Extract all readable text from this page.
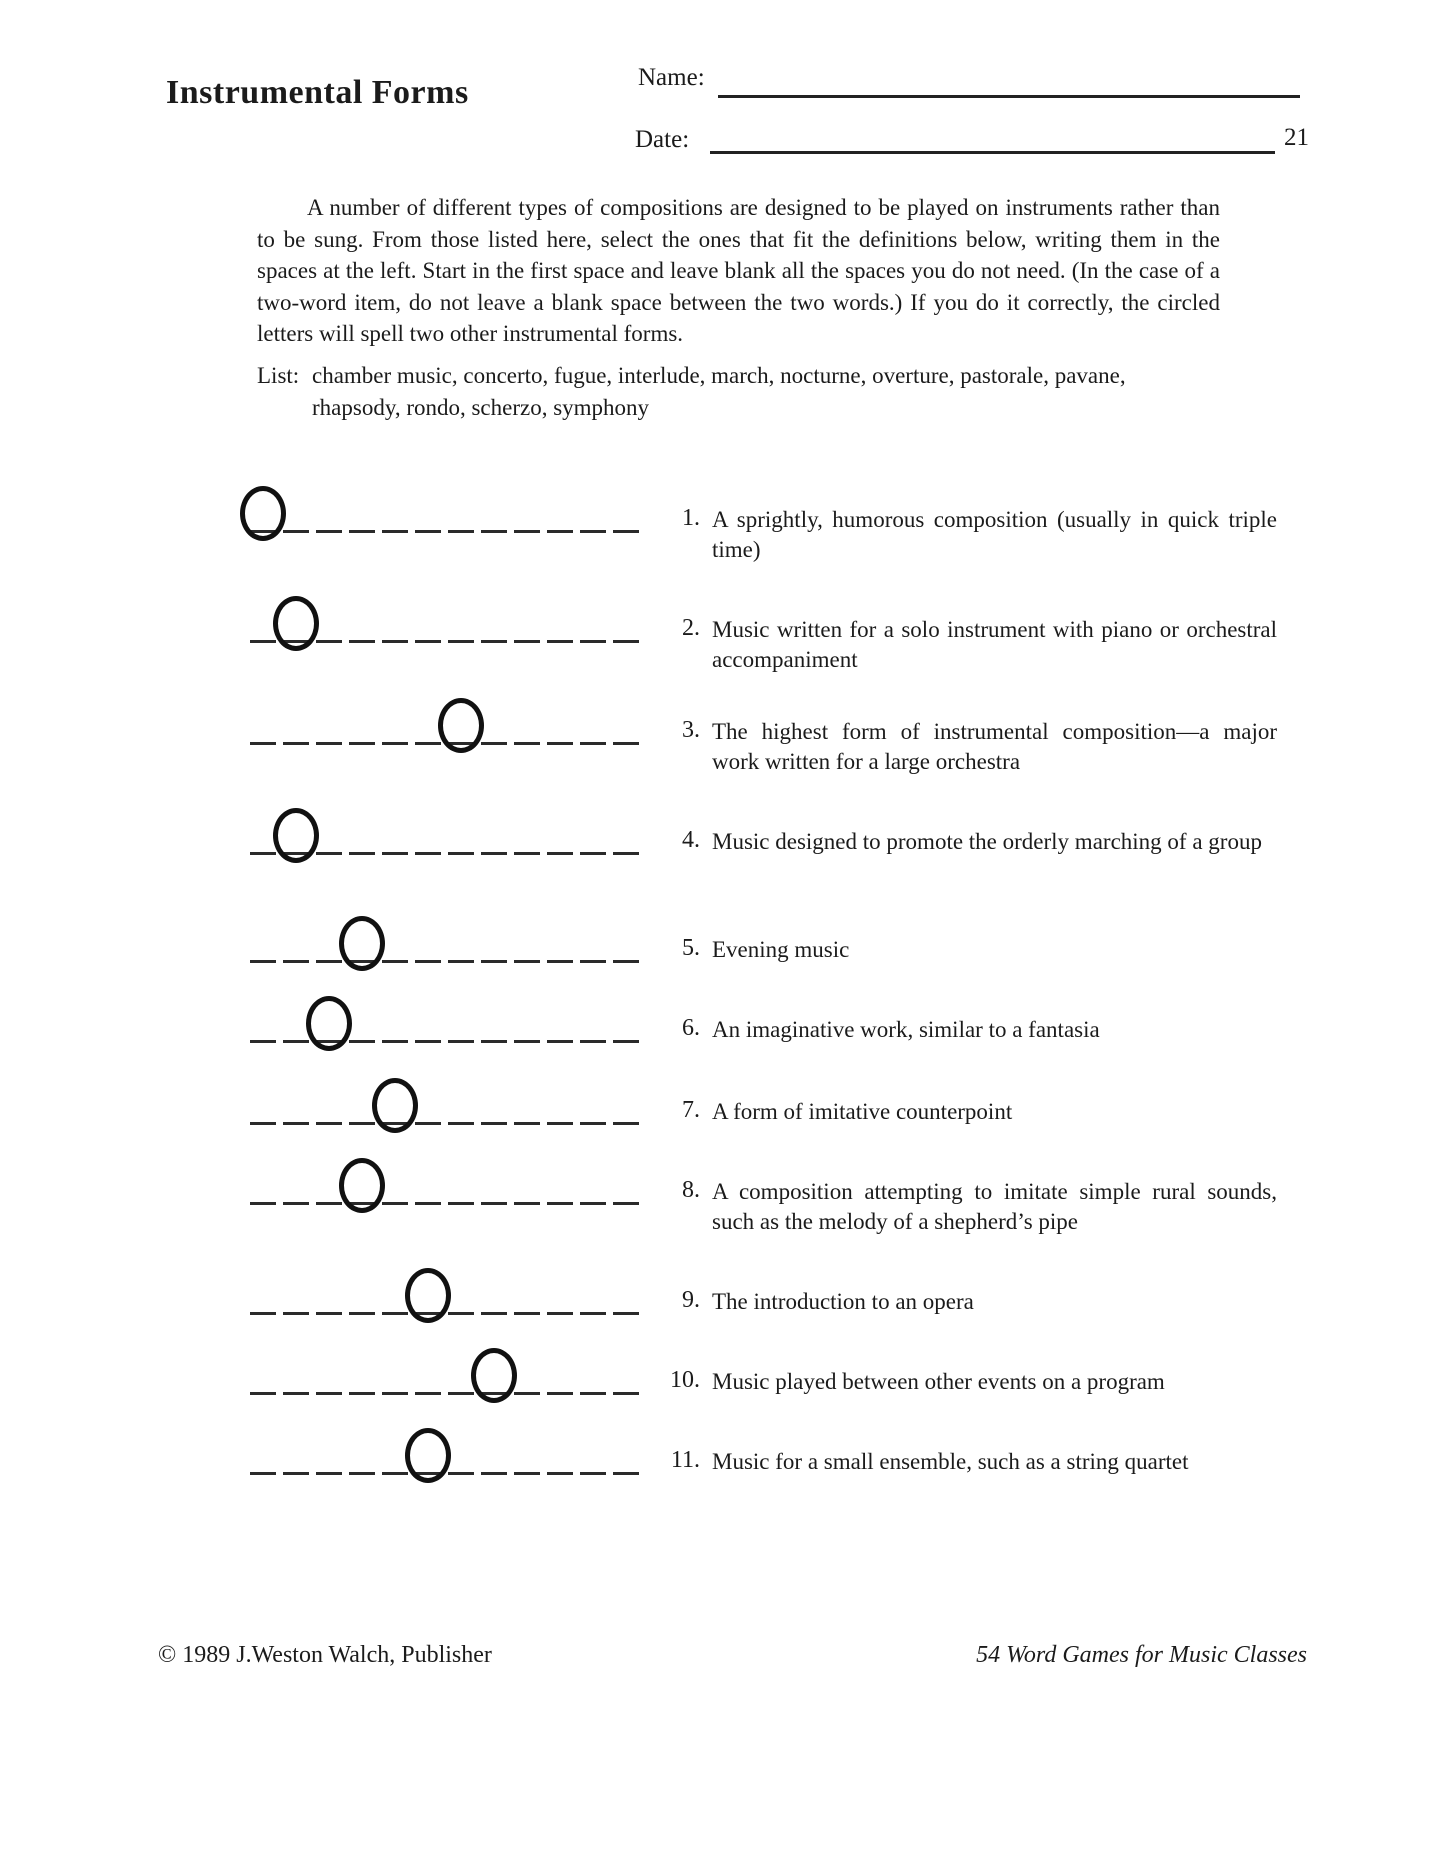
Instrumental Forms	Name:
Date:	21
A number of different types of compositions are designed to be played on instruments rather than to be sung. From those listed here, select the ones that fit the definitions below, writing them in the spaces at the left. Start in the first space and leave blank all the spaces you do not need. (In the case of a two-word item, do not leave a blank space between the two words.) If you do it correctly, the circled letters will spell two other instrumental forms.
List: chamber music, concerto, fugue, interlude, march, nocturne, overture, pastorale, pavane,
rhapsody, rondo, scherzo, symphony
1. A sprightly, humorous composition (usually in quick triple time)
2. Music written for a solo instrument with piano or orchestral accompaniment
3. The highest form of instrumental composition—a major work written for a large orchestra
4. Music designed to promote the orderly marching of a group
5. Evening music
6. An imaginative work, similar to a fantasia
7. A form of imitative counterpoint
8. A composition attempting to imitate simple rural sounds, such as the melody of a shepherd’s pipe
9. The introduction to an opera
10. Music played between other events on a program
11. Music for a small ensemble, such as a string quartet
© 1989 J.Weston Walch, Publisher	54 Word Games for Music Classes
